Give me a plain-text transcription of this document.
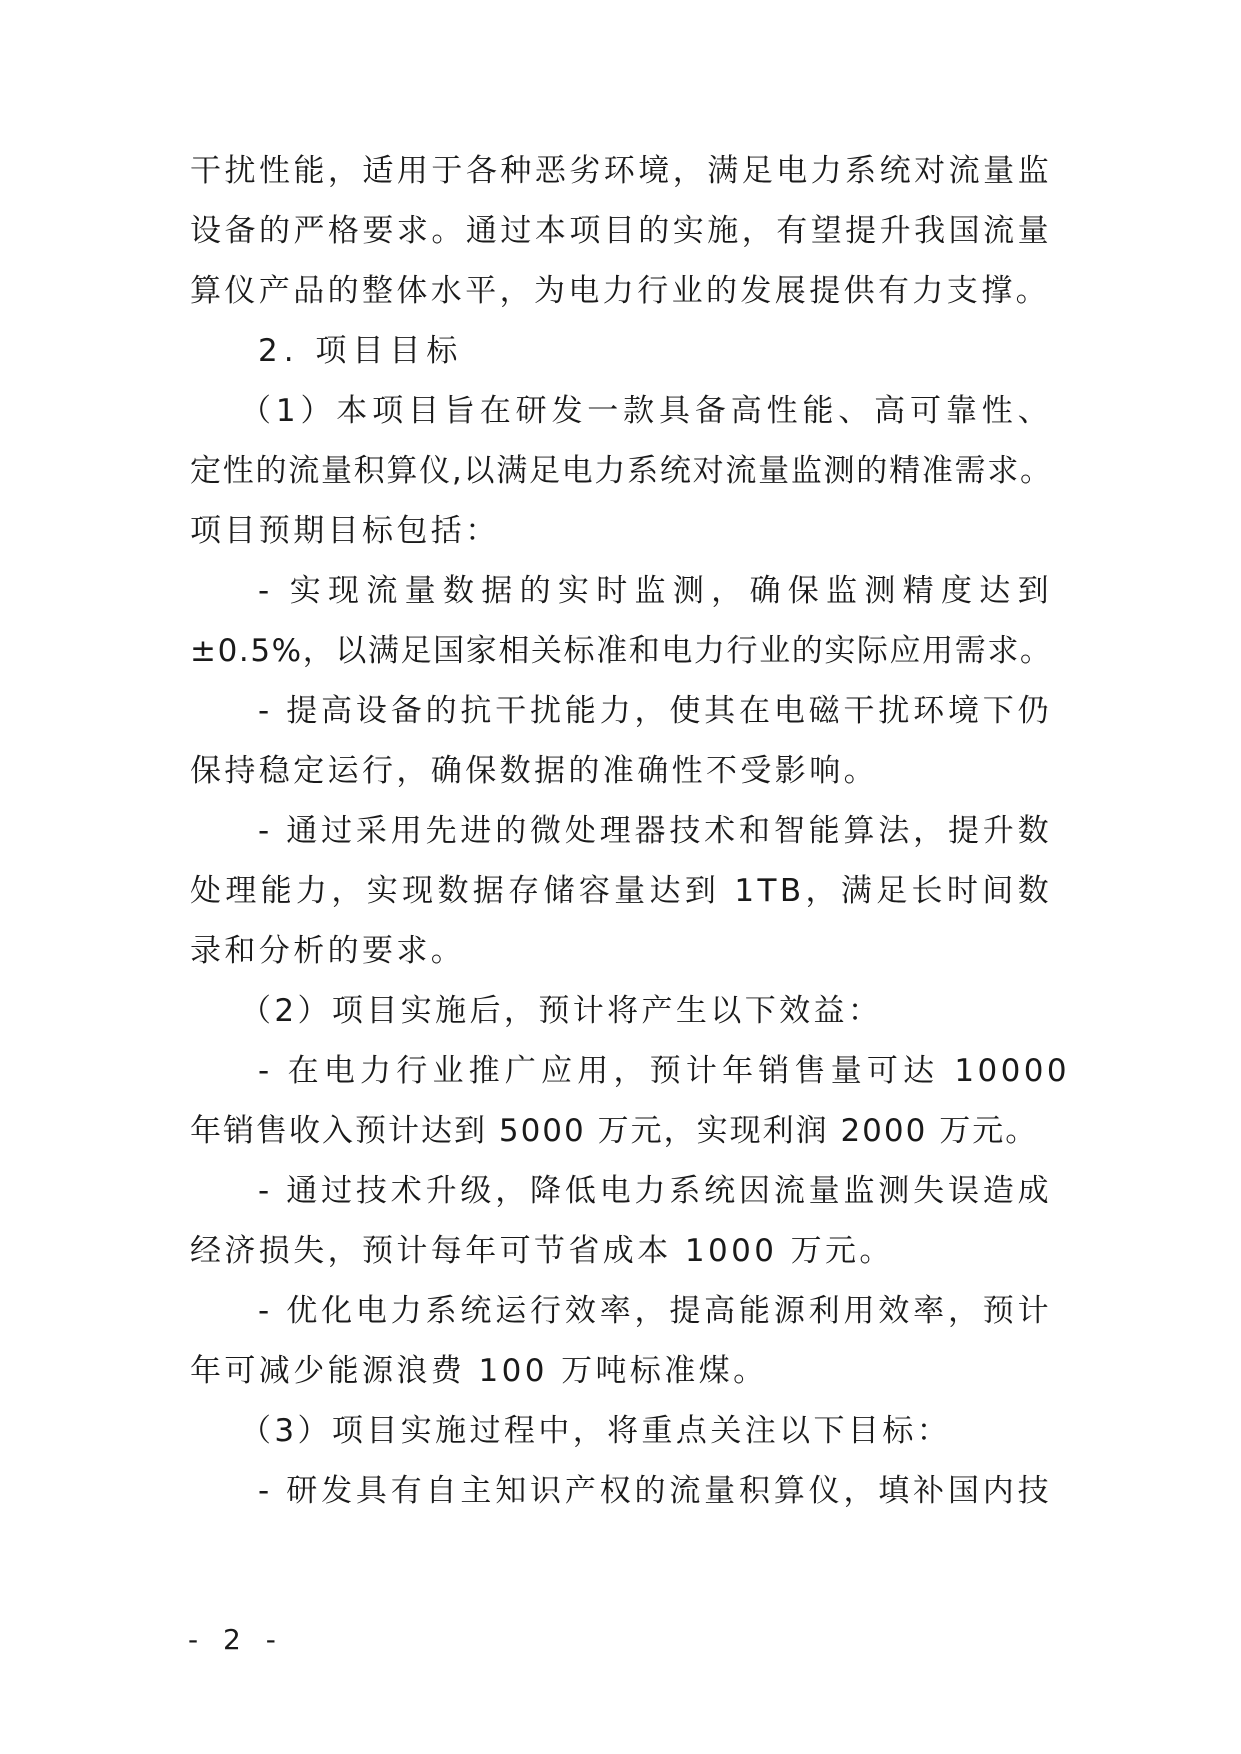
干扰性能，适用于各种恶劣环境，满足电力系统对流量监
设备的严格要求。通过本项目的实施，有望提升我国流量
算仪产品的整体水平，为电力行业的发展提供有力支撑。
2. 项目目标
（1）本项目旨在研发一款具备高性能、高可靠性、
定性的流量积算仪,以满足电力系统对流量监测的精准需求。
项目预期目标包括：
- 实现流量数据的实时监测，确保监测精度达到
±0.5%，以满足国家相关标准和电力行业的实际应用需求。
- 提高设备的抗干扰能力，使其在电磁干扰环境下仍
保持稳定运行，确保数据的准确性不受影响。
- 通过采用先进的微处理器技术和智能算法，提升数
处理能力，实现数据存储容量达到 1TB，满足长时间数
录和分析的要求。
（2）项目实施后，预计将产生以下效益：
- 在电力行业推广应用，预计年销售量可达 10000
年销售收入预计达到 5000 万元，实现利润 2000 万元。
- 通过技术升级，降低电力系统因流量监测失误造成
经济损失，预计每年可节省成本 1000 万元。
- 优化电力系统运行效率，提高能源利用效率，预计
年可减少能源浪费 100 万吨标准煤。
（3）项目实施过程中，将重点关注以下目标：
- 研发具有自主知识产权的流量积算仪，填补国内技
- 2 -
